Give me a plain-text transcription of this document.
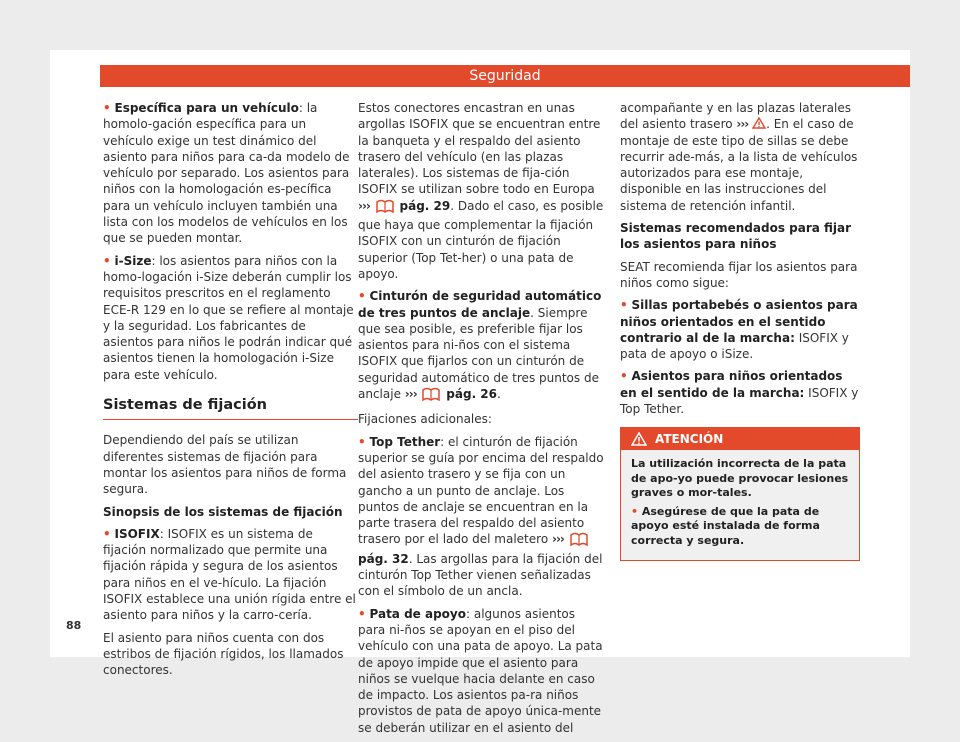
Seguridad

• Específica para un vehículo: la homolo-gación específica para un vehículo exige un test dinámico del asiento para niños para ca-da modelo de vehículo por separado. Los asientos para niños con la homologación es-pecífica para un vehículo incluyen también una lista con los modelos de vehículos en los que se pueden montar.

• i-Size: los asientos para niños con la homo-logación i-Size deberán cumplir los requisitos prescritos en el reglamento ECE-R 129 en lo que se refiere al montaje y la seguridad. Los fabricantes de asientos para niños le podrán indicar qué asientos tienen la homologación i-Size para este vehículo.

Sistemas de fijación

Dependiendo del país se utilizan diferentes sistemas de fijación para montar los asientos para niños de forma segura.

Sinopsis de los sistemas de fijación

• ISOFIX: ISOFIX es un sistema de fijación normalizado que permite una fijación rápida y segura de los asientos para niños en el ve-hículo. La fijación ISOFIX establece una unión rígida entre el asiento para niños y la carro-cería.

El asiento para niños cuenta con dos estribos de fijación rígidos, los llamados conectores.

Estos conectores encastran en unas argollas ISOFIX que se encuentran entre la banqueta y el respaldo del asiento trasero del vehículo (en las plazas laterales). Los sistemas de fija-ción ISOFIX se utilizan sobre todo en Europa ››› pág. 29. Dado el caso, es posible que haya que complementar la fijación ISOFIX con un cinturón de fijación superior (Top Tet-her) o una pata de apoyo.

• Cinturón de seguridad automático de tres puntos de anclaje. Siempre que sea posible, es preferible fijar los asientos para ni-ños con el sistema ISOFIX que fijarlos con un cinturón de seguridad automático de tres puntos de anclaje ››› pág. 26.

Fijaciones adicionales:

• Top Tether: el cinturón de fijación superior se guía por encima del respaldo del asiento trasero y se fija con un gancho a un punto de anclaje. Los puntos de anclaje se encuentran en la parte trasera del respaldo del asiento trasero por el lado del maletero ›››  pág. 32. Las argollas para la fijación del cinturón Top Tether vienen señalizadas con el símbolo de un ancla.

• Pata de apoyo: algunos asientos para ni-ños se apoyan en el piso del vehículo con una pata de apoyo. La pata de apoyo impide que el asiento para niños se vuelque hacia delante en caso de impacto. Los asientos pa-ra niños provistos de pata de apoyo única-mente se deberán utilizar en el asiento del

acompañante y en las plazas laterales del asiento trasero ››› . En el caso de montaje de este tipo de sillas se debe recurrir ade-más, a la lista de vehículos autorizados para ese montaje, disponible en las instrucciones del sistema de retención infantil.

Sistemas recomendados para fijar los asientos para niños

SEAT recomienda fijar los asientos para niños como sigue:

• Sillas portabebés o asientos para niños orientados en el sentido contrario al de la marcha: ISOFIX y pata de apoyo o iSize.

• Asientos para niños orientados en el sentido de la marcha: ISOFIX y Top Tether.

ATENCIÓN

La utilización incorrecta de la pata de apo-yo puede provocar lesiones graves o mor-tales.

• Asegúrese de que la pata de apoyo esté instalada de forma correcta y segura.

88
